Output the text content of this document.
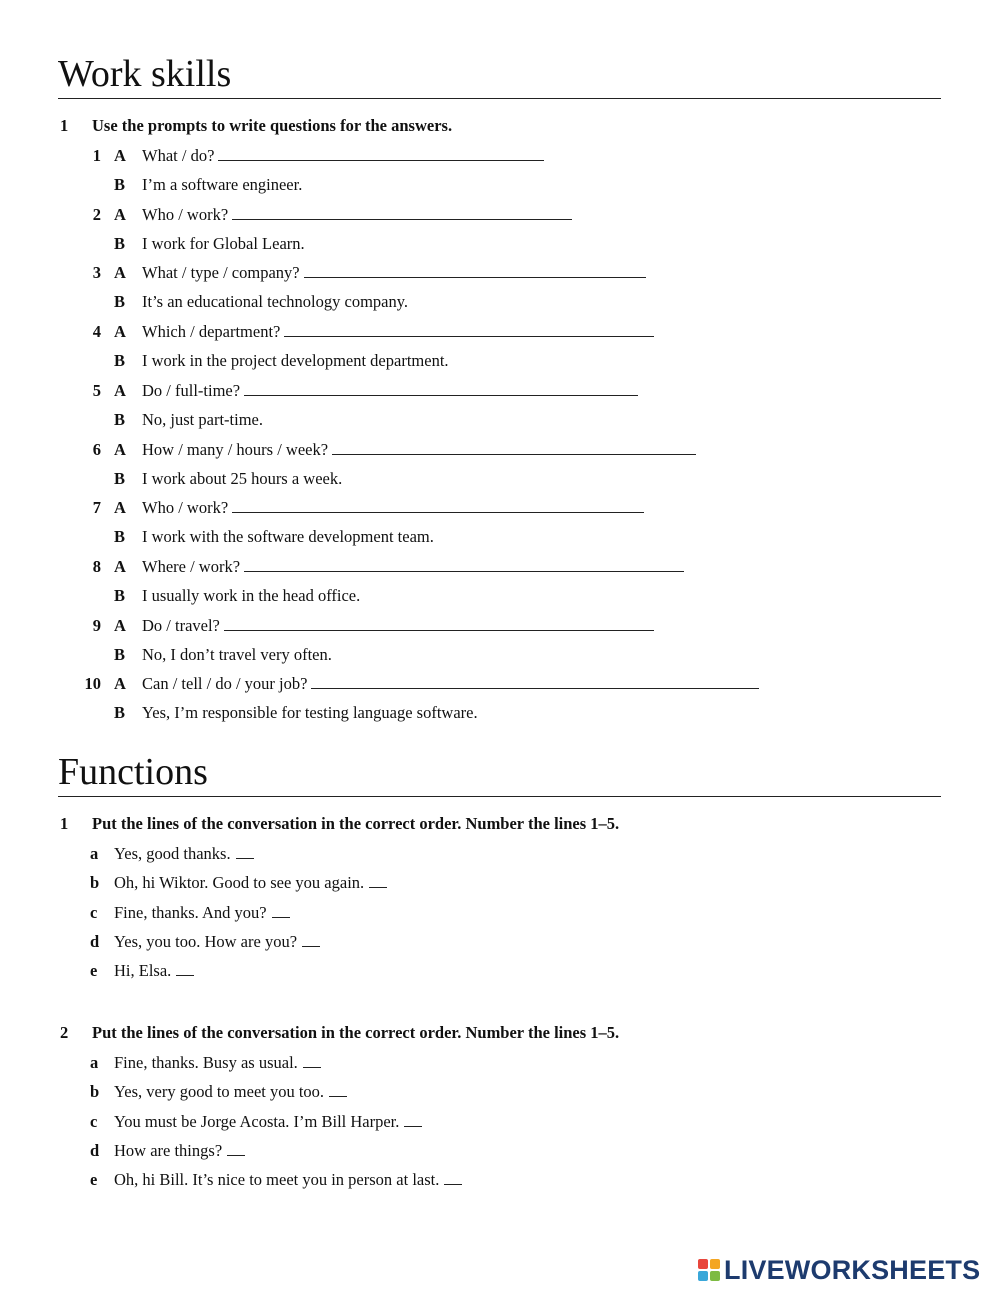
Work skills
1 Use the prompts to write questions for the answers.
1 A What / do?
B I’m a software engineer.
2 A Who / work?
B I work for Global Learn.
3 A What / type / company?
B It’s an educational technology company.
4 A Which / department?
B I work in the project development department.
5 A Do / full-time?
B No, just part-time.
6 A How / many / hours / week?
B I work about 25 hours a week.
7 A Who / work?
B I work with the software development team.
8 A Where / work?
B I usually work in the head office.
9 A Do / travel?
B No, I don’t travel very often.
10 A Can / tell / do / your job?
B Yes, I’m responsible for testing language software.
Functions
1 Put the lines of the conversation in the correct order. Number the lines 1–5.
a Yes, good thanks.
b Oh, hi Wiktor. Good to see you again.
c Fine, thanks. And you?
d Yes, you too. How are you?
e Hi, Elsa.
2 Put the lines of the conversation in the correct order. Number the lines 1–5.
a Fine, thanks. Busy as usual.
b Yes, very good to meet you too.
c You must be Jorge Acosta. I’m Bill Harper.
d How are things?
e Oh, hi Bill. It’s nice to meet you in person at last.
LIVEWORKSHEETS
